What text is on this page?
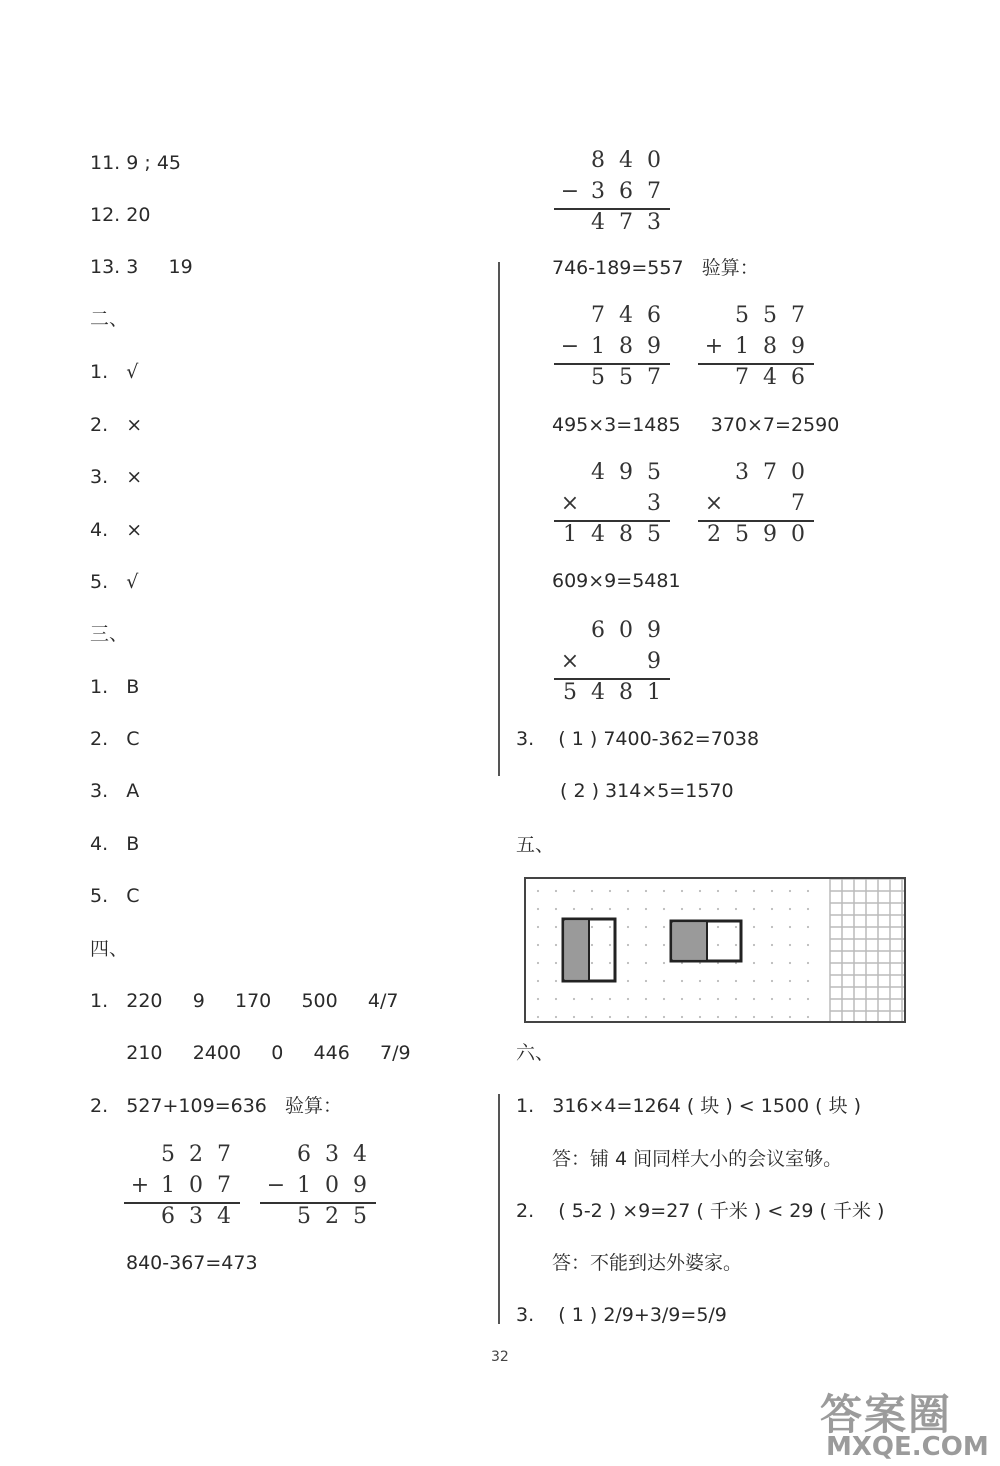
11. 9 ; 45
12. 20
13. 3     19
二、
1.   √
2.   ×
3.   ×
4.   ×
5.   √
三、
1.   B
2.   C
3.   A
4.   B
5.   C
四、
1.   220     9     170     500     4/7
210     2400     0     446     7/9
2.   527+109=636   验算：
840-367=473
5 2 7
+ 1 0 7
6 3 4
6 3 4
− 1 0 9
5 2 5
8 4 0
− 3 6 7
4 7 3
746-189=557   验算：
7 4 6
− 1 8 9
5 5 7
5 5 7
+ 1 8 9
7 4 6
495×3=1485     370×7=2590
4 9 5
×	3
1 4 8 5
3 7 0
×	7
2 5 9 0
609×9=5481
6 0 9
×	9
5 4 8 1
3.    ( 1 ) 7400-362=7038
( 2 ) 314×5=1570
五、
六、
1.   316×4=1264 ( 块 ) < 1500 ( 块 )
答：铺 4 间同样大小的会议室够。
2.    ( 5-2 ) ×9=27 ( 千米 ) < 29 ( 千米 )
答：不能到达外婆家。
3.    ( 1 ) 2/9+3/9=5/9
32
答案圈
MXQE.COM
